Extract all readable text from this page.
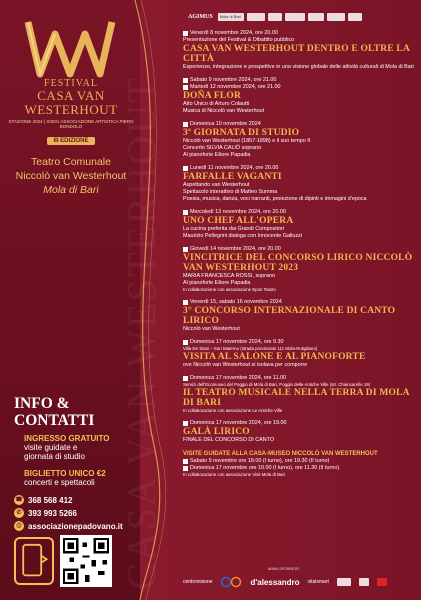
CASA VAN WESTERHOUT
FESTIVAL
CASA VAN WESTERHOUT
STAGIONE 2024 | X0031 ASSOCIAZIONE ARTISTICA PIERO BONDOLO
III EDIZIONE
Teatro Comunale
Niccolò van Westerhout
Mola di Bari
INFO &
CONTATTI
INGRESSO GRATUITO
visite guidate e
giornata di studio
BIGLIETTO UNICO €2
concerti e spettacoli
☎ 368 568 412
✆ 393 993 5266
@ associazionepadovano.it
AGIMUS	Mola di Bari
Venerdì 8 novembre 2024, ore 20.00
Presentazione del Festival & Dibattito pubblico
CASA VAN WESTERHOUT DENTRO E OLTRE LA CITTÀ
Esperienze, integrazione e prospettive in una visione globale delle attività culturali di Mola di Bari
Sabato 9 novembre 2024, ore 21.00
Martedì 12 novembre 2024, ore 21.00
DOÑA FLOR
Atto Unico di Arturo Colautti
Musica di Niccolò van Westerhout
Domenica 10 novembre 2024
3ª GIORNATA DI STUDIO
Niccolò van Westerhout (1857-1898) e il suo tempo II
Concerto SILVIA CALIÒ soprano
Al pianoforte Ettore Papadia
Lunedì 11 novembre 2024, ore 20.00
FARFALLE VAGANTI
Aspettando van Westerhout
Spettacolo interattivo di Matteo Summa
Poesia, musica, danza, voci narranti, proiezione di dipinti e immagini d'epoca
Mercoledì 13 novembre 2024, ore 20.00
UNO CHEF ALL'OPERA
La cucina preferita dai Grandi Compositori
Maurizio Pellegrini dialoga con Innocente Galluzzi
Giovedì 14 novembre 2024, ore 20.00
VINCITRICE DEL CONCORSO LIRICO NICCOLÒ VAN WESTERHOUT 2023
MARIA FRANCESCA ROSSI, soprano
Al pianoforte Ettore Papadia
In collaborazione con associazione Epos Teatro
Venerdì 15, sabato 16 novembre 2024
3° CONCORSO INTERNAZIONALE DI CANTO LIRICO
Niccolò van Westerhout
Domenica 17 novembre 2024, ore 9.30
Villa De Stasi – San Materno (strada provinciale 111 Mola-Rutigliano)
VISITA AL SALONE E AL PIANOFORTE
ove Niccolò van Westerhout si isolava per comporre
Domenica 17 novembre 2024, ore 11.00
Servizi dell'Ecomuseo del Poggio di Mola di Bari, Poggio delle Antiche Ville (str. Chiancarelle 19)
IL TEATRO MUSICALE NELLA TERRA DI MOLA DI BARI
In collaborazione con associazione Le Antiche Ville
Domenica 17 novembre 2024, ore 19.00
GALÀ LIRICO
FINALE DEL CONCORSO DI CANTO
VISITE GUIDATE ALLA CASA-MUSEO NICCOLÒ VAN WESTERHOUT
Sabato 9 novembre ore 18.00 (I turno), ore 19.30 (II turno)
Domenica 17 novembre ore 10.00 (I turno), ore 11.30 (II turno)
In collaborazione con associazione Visit Mola di Bari
MAIN SPONSOR
centrovisione	d'alessandro vitalsmart
